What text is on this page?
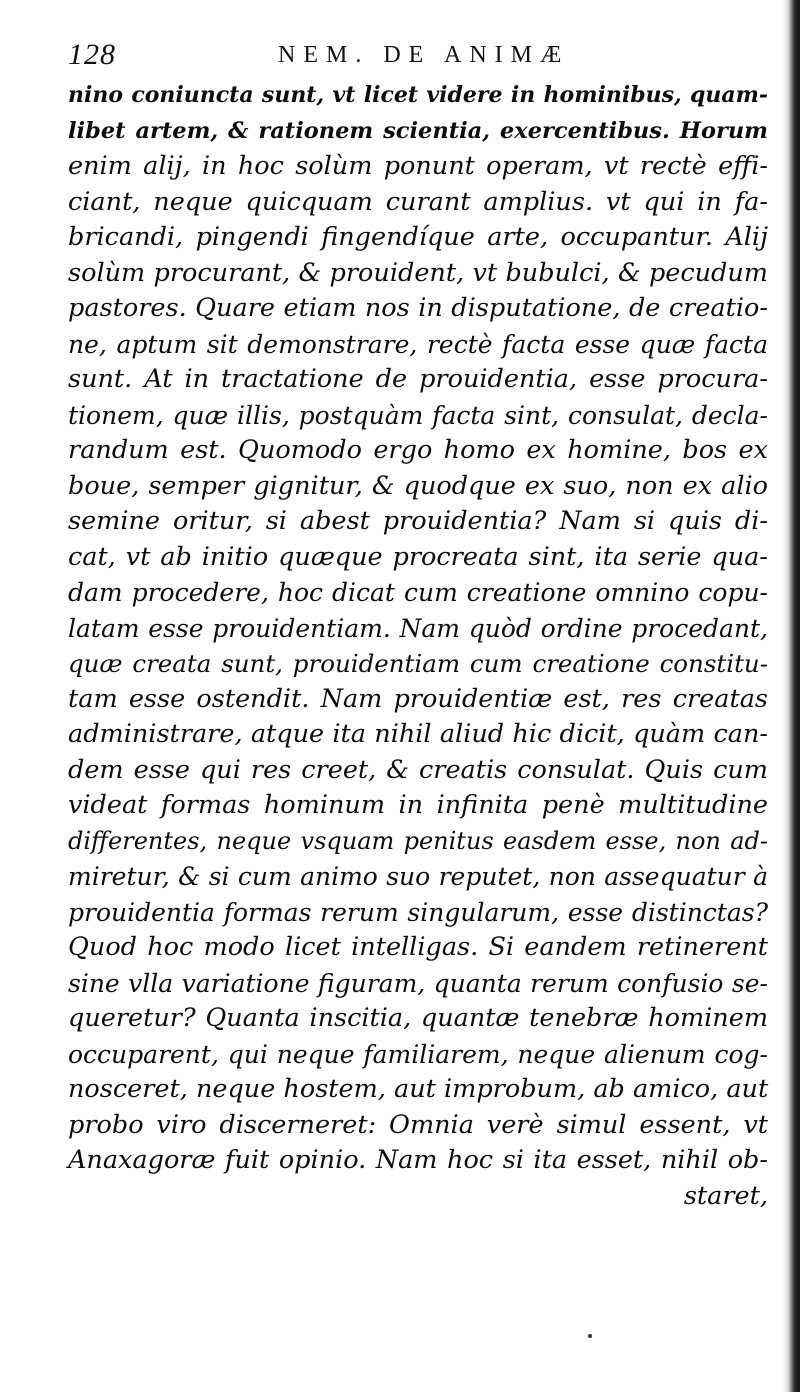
128	NEM. DE ANIMÆ
nino coniuncta sunt, vt licet videre in hominibus, quam-
libet artem, & rationem scientia, exercentibus. Horum
enim alij, in hoc solùm ponunt operam, vt rectè effi-
ciant, neque quicquam curant amplius. vt qui in fa-
bricandi, pingendi fingendíque arte, occupantur. Alij
solùm procurant, & prouident, vt bubulci, & pecudum
pastores. Quare etiam nos in disputatione, de creatio-
ne, aptum sit demonstrare, rectè facta esse quæ facta
sunt. At in tractatione de prouidentia, esse procura-
tionem, quæ illis, postquàm facta sint, consulat, decla-
randum est. Quomodo ergo homo ex homine, bos ex
boue, semper gignitur, & quodque ex suo, non ex alio
semine oritur, si abest prouidentia? Nam si quis di-
cat, vt ab initio quæque procreata sint, ita serie qua-
dam procedere, hoc dicat cum creatione omnino copu-
latam esse prouidentiam. Nam quòd ordine procedant,
quæ creata sunt, prouidentiam cum creatione constitu-
tam esse ostendit. Nam prouidentiæ est, res creatas
administrare, atque ita nihil aliud hic dicit, quàm can-
dem esse qui res creet, & creatis consulat. Quis cum
videat formas hominum in infinita penè multitudine
differentes, neque vsquam penitus easdem esse, non ad-
miretur, & si cum animo suo reputet, non assequatur à
prouidentia formas rerum singularum, esse distinctas?
Quod hoc modo licet intelligas. Si eandem retinerent
sine vlla variatione figuram, quanta rerum confusio se-
queretur? Quanta inscitia, quantæ tenebræ hominem
occuparent, qui neque familiarem, neque alienum cog-
nosceret, neque hostem, aut improbum, ab amico, aut
probo viro discerneret: Omnia verè simul essent, vt
Anaxagoræ fuit opinio. Nam hoc si ita esset, nihil ob-
staret,
